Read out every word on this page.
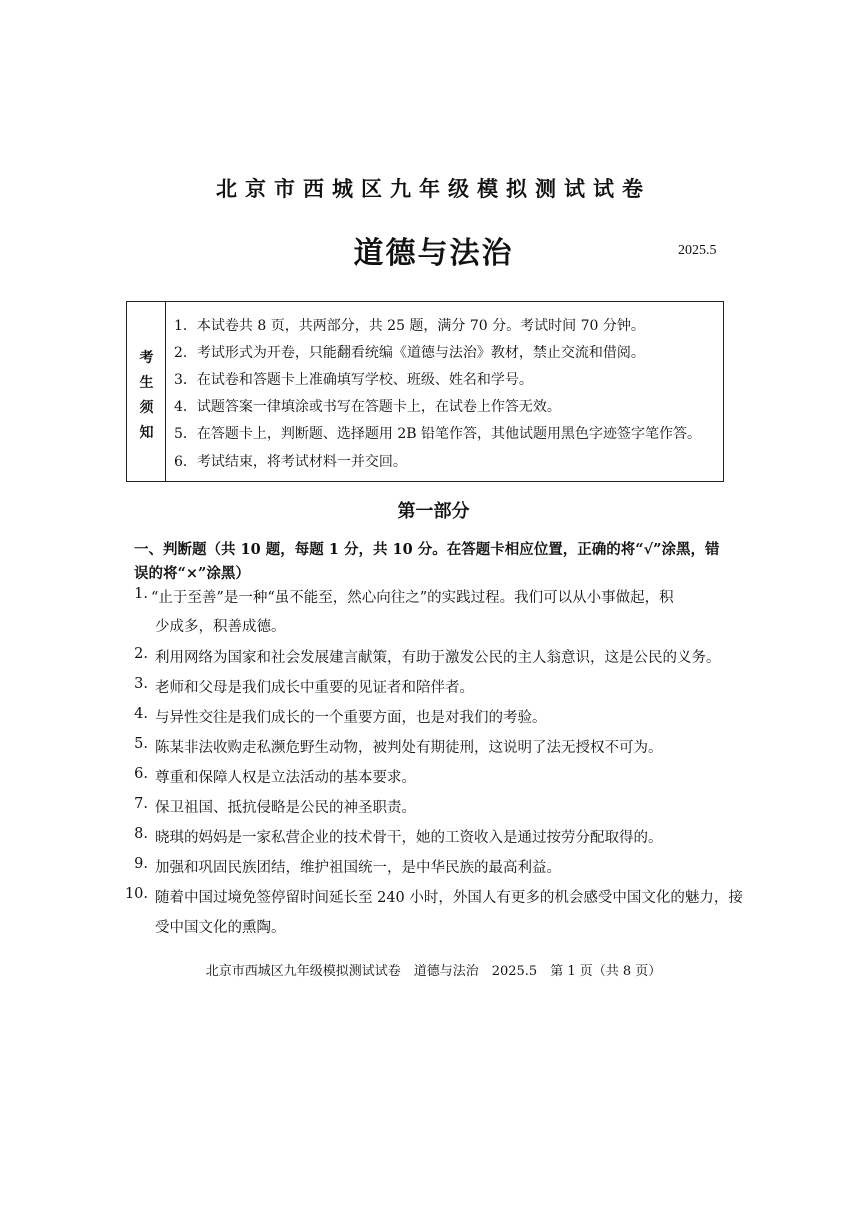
北京市西城区九年级模拟测试试卷
道德与法治	2025.5
考
生
须
知
1．本试卷共 8 页，共两部分，共 25 题，满分 70 分。考试时间 70 分钟。
2．考试形式为开卷，只能翻看统编《道德与法治》教材，禁止交流和借阅。
3．在试卷和答题卡上准确填写学校、班级、姓名和学号。
4．试题答案一律填涂或书写在答题卡上，在试卷上作答无效。
5．在答题卡上，判断题、选择题用 2B 铅笔作答，其他试题用黑色字迹签字笔作答。
6．考试结束，将考试材料一并交回。
第一部分
一、判断题（共 10 题，每题 1 分，共 10 分。在答题卡相应位置，正确的将“√”涂黑，错
误的将“×”涂黑）
1. “止于至善”是一种“虽不能至，然心向往之”的实践过程。我们可以从小事做起，积
少成多，积善成德。
2. 利用网络为国家和社会发展建言献策，有助于激发公民的主人翁意识，这是公民的义务。
3. 老师和父母是我们成长中重要的见证者和陪伴者。
4. 与异性交往是我们成长的一个重要方面，也是对我们的考验。
5. 陈某非法收购走私濒危野生动物，被判处有期徒刑，这说明了法无授权不可为。
6. 尊重和保障人权是立法活动的基本要求。
7. 保卫祖国、抵抗侵略是公民的神圣职责。
8. 晓琪的妈妈是一家私营企业的技术骨干，她的工资收入是通过按劳分配取得的。
9. 加强和巩固民族团结，维护祖国统一，是中华民族的最高利益。
10. 随着中国过境免签停留时间延长至 240 小时，外国人有更多的机会感受中国文化的魅力，接
受中国文化的熏陶。
北京市西城区九年级模拟测试试卷　道德与法治　2025.5　第 1 页（共 8 页）
